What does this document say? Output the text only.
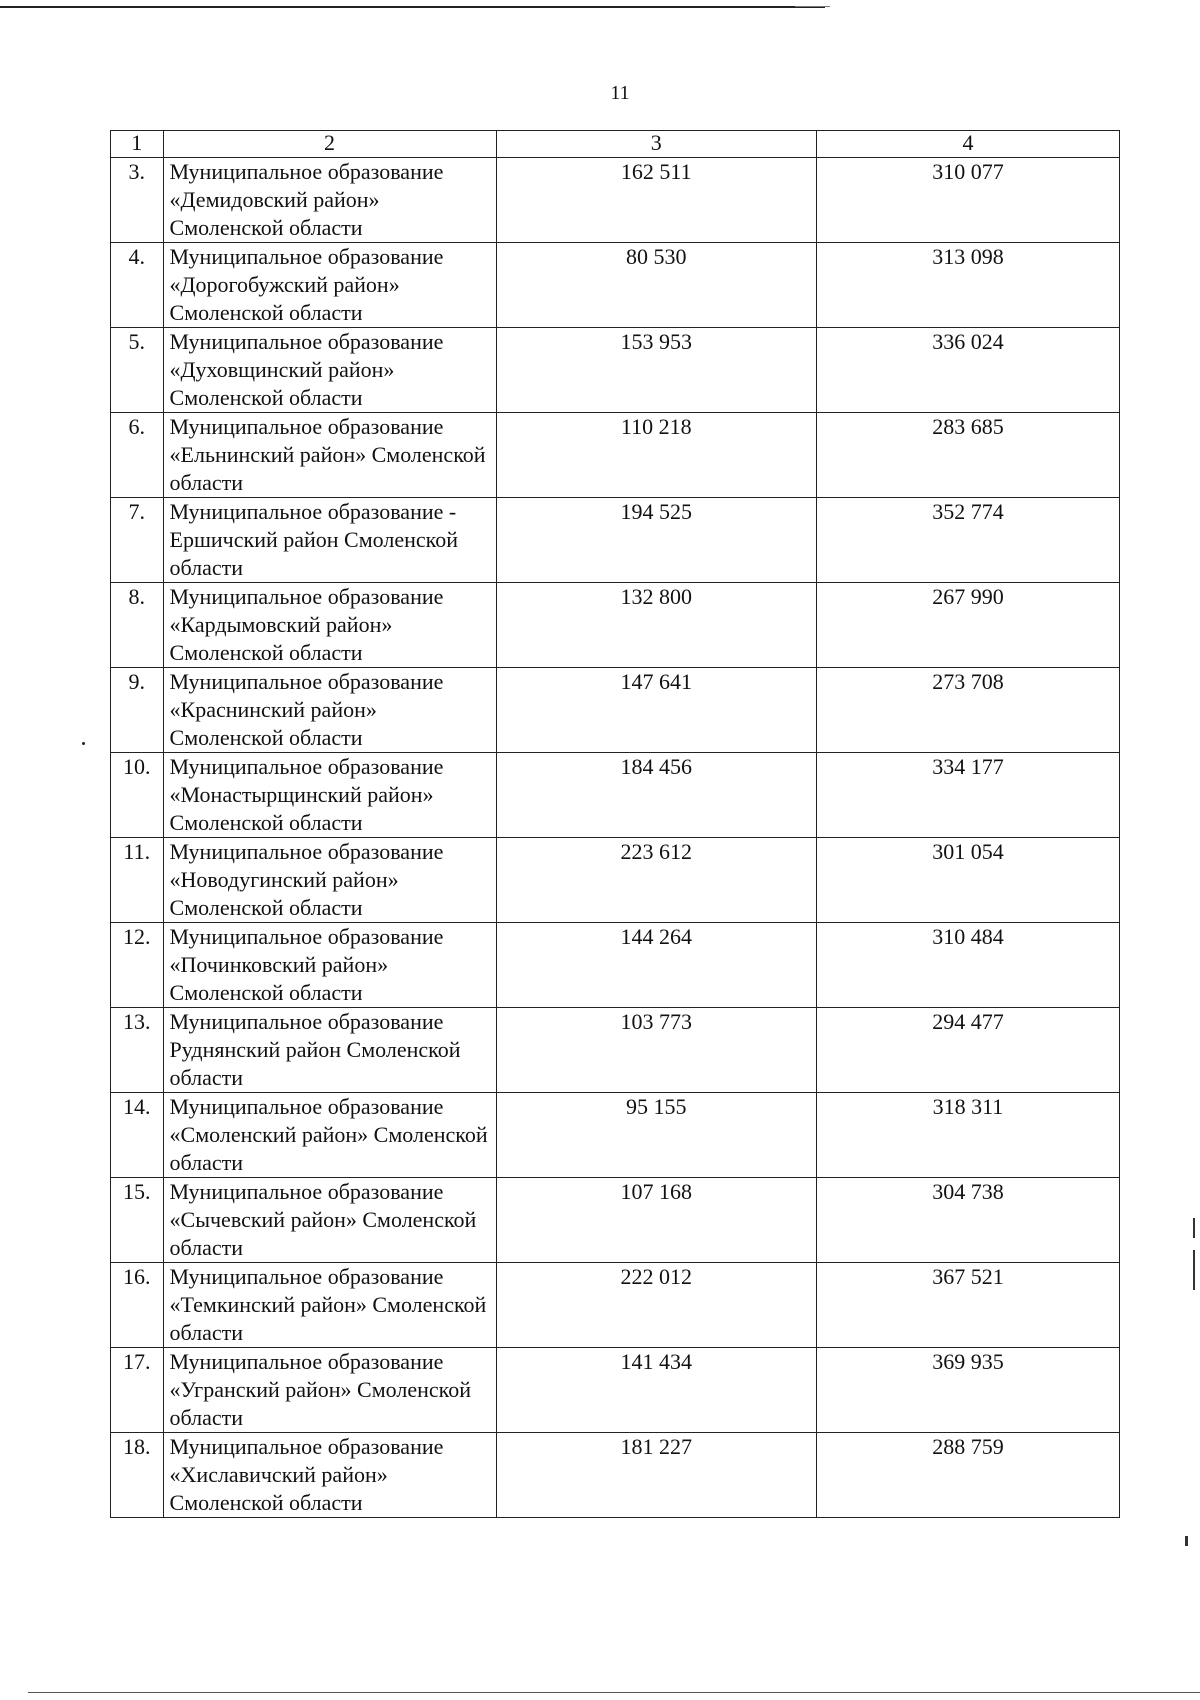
11
1	2	3	4
3.	Муниципальное образование «Демидовский район» Смоленской области	162 511	310 077
4.	Муниципальное образование «Дорогобужский район» Смоленской области	80 530	313 098
5.	Муниципальное образование «Духовщинский район» Смоленской области	153 953	336 024
6.	Муниципальное образование «Ельнинский район» Смоленской области	110 218	283 685
7.	Муниципальное образование - Ершичский район Смоленской области	194 525	352 774
8.	Муниципальное образование «Кардымовский район» Смоленской области	132 800	267 990
9.	Муниципальное образование «Краснинский район» Смоленской области	147 641	273 708
10.	Муниципальное образование «Монастырщинский район» Смоленской области	184 456	334 177
11.	Муниципальное образование «Новодугинский район» Смоленской области	223 612	301 054
12.	Муниципальное образование «Починковский район» Смоленской области	144 264	310 484
13.	Муниципальное образование Руднянский район Смоленской области	103 773	294 477
14.	Муниципальное образование «Смоленский район» Смоленской области	95 155	318 311
15.	Муниципальное образование «Сычевский район» Смоленской области	107 168	304 738
16.	Муниципальное образование «Темкинский район» Смоленской области	222 012	367 521
17.	Муниципальное образование «Угранский район» Смоленской области	141 434	369 935
18.	Муниципальное образование «Хиславичский район» Смоленской области	181 227	288 759
